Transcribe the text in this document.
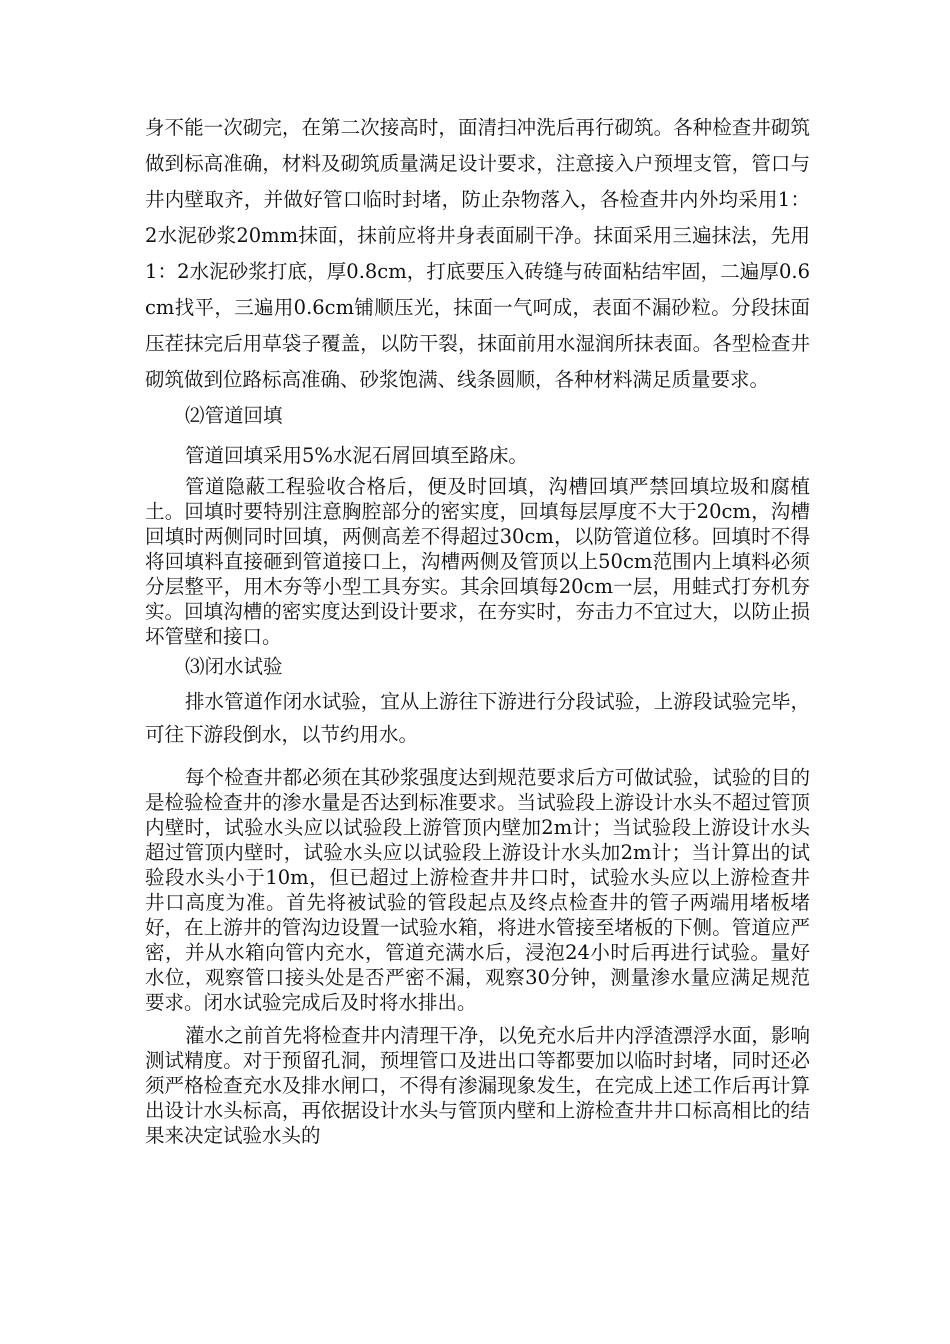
身不能一次砌完，在第二次接高时，面清扫冲洗后再行砌筑。各种检查井砌筑做到标高准确，材料及砌筑质量满足设计要求，注意接入户预埋支管，管口与井内壁取齐，并做好管口临时封堵，防止杂物落入，各检查井内外均采用1：2水泥砂浆20mm抹面，抹前应将井身表面刷干净。抹面采用三遍抹法，先用1：2水泥砂浆打底，厚0.8cm，打底要压入砖缝与砖面粘结牢固，二遍厚0.6cm找平，三遍用0.6cm铺顺压光，抹面一气呵成，表面不漏砂粒。分段抹面压茬抹完后用草袋子覆盖，以防干裂，抹面前用水湿润所抹表面。各型检查井砌筑做到位路标高准确、砂浆饱满、线条圆顺，各种材料满足质量要求。

⑵管道回填

管道回填采用5%水泥石屑回填至路床。

管道隐蔽工程验收合格后，便及时回填，沟槽回填严禁回填垃圾和腐植土。回填时要特别注意胸腔部分的密实度，回填每层厚度不大于20cm，沟槽回填时两侧同时回填，两侧高差不得超过30cm，以防管道位移。回填时不得将回填料直接砸到管道接口上，沟槽两侧及管顶以上50cm范围内上填料必须分层整平，用木夯等小型工具夯实。其余回填每20cm一层，用蛙式打夯机夯实。回填沟槽的密实度达到设计要求，在夯实时，夯击力不宜过大，以防止损坏管壁和接口。

⑶闭水试验

排水管道作闭水试验，宜从上游往下游进行分段试验，上游段试验完毕，可往下游段倒水，以节约用水。

每个检查井都必须在其砂浆强度达到规范要求后方可做试验，试验的目的是检验检查井的渗水量是否达到标准要求。当试验段上游设计水头不超过管顶内壁时，试验水头应以试验段上游管顶内壁加2m计；当试验段上游设计水头超过管顶内壁时，试验水头应以试验段上游设计水头加2m计；当计算出的试验段水头小于10m，但已超过上游检查井井口时，试验水头应以上游检查井井口高度为准。首先将被试验的管段起点及终点检查井的管子两端用堵板堵好，在上游井的管沟边设置一试验水箱，将进水管接至堵板的下侧。管道应严密，并从水箱向管内充水，管道充满水后，浸泡24小时后再进行试验。量好水位，观察管口接头处是否严密不漏，观察30分钟，测量渗水量应满足规范要求。闭水试验完成后及时将水排出。

灌水之前首先将检查井内清理干净，以免充水后井内浮渣漂浮水面，影响测试精度。对于预留孔洞，预埋管口及进出口等都要加以临时封堵，同时还必须严格检查充水及排水闸口，不得有渗漏现象发生，在完成上述工作后再计算出设计水头标高，再依据设计水头与管顶内壁和上游检查井井口标高相比的结果来决定试验水头的
